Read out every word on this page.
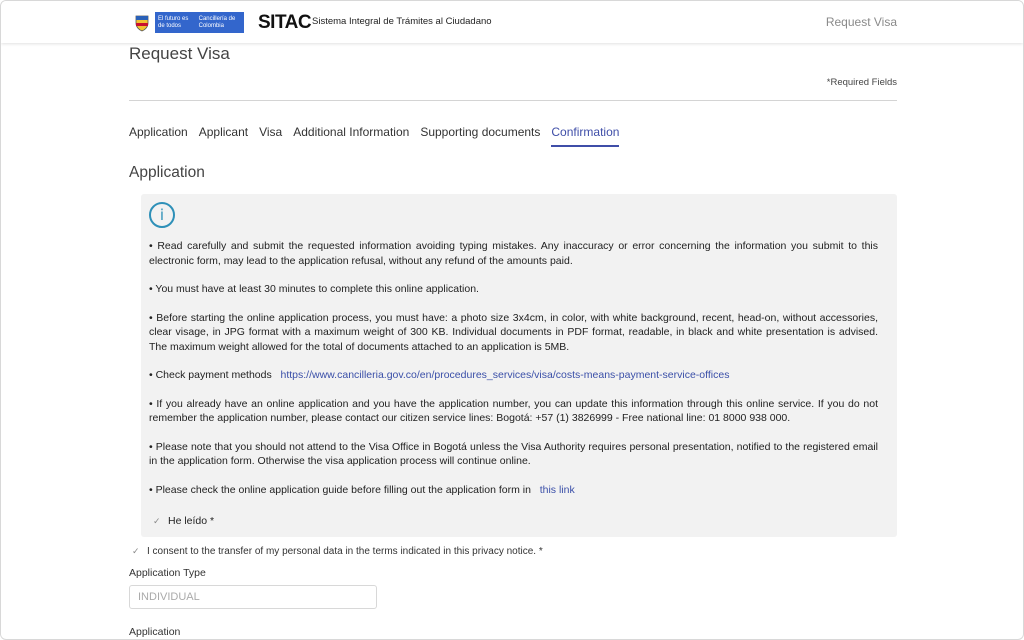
El futuro es de todos
Cancillería de Colombia	SITAC Sistema Integral de Trámites al Ciudadano	Request Visa
Request Visa
*Required Fields
Application Applicant Visa Additional Information Supporting documents Confirmation
Application
i

• Read carefully and submit the requested information avoiding typing mistakes. Any inaccuracy or error concerning the information you submit to this electronic form, may lead to the application refusal, without any refund of the amounts paid.

• You must have at least 30 minutes to complete this online application.

• Before starting the online application process, you must have: a photo size 3x4cm, in color, with white background, recent, head-on, without accessories, clear visage, in JPG format with a maximum weight of 300 KB. Individual documents in PDF format, readable, in black and white presentation is advised. The maximum weight allowed for the total of documents attached to an application is 5MB.

• Check payment methods https://www.cancilleria.gov.co/en/procedures_services/visa/costs-means-payment-service-offices

• If you already have an online application and you have the application number, you can update this information through this online service. If you do not remember the application number, please contact our citizen service lines: Bogotá: +57 (1) 3826999 - Free national line: 01 8000 938 000.

• Please note that you should not attend to the Visa Office in Bogotá unless the Visa Authority requires personal presentation, notified to the registered email in the application form. Otherwise the visa application process will continue online.

• Please check the online application guide before filling out the application form in this link

✓ He leído *
✓ I consent to the transfer of my personal data in the terms indicated in this privacy notice. *
Application Type
INDIVIDUAL
Application
